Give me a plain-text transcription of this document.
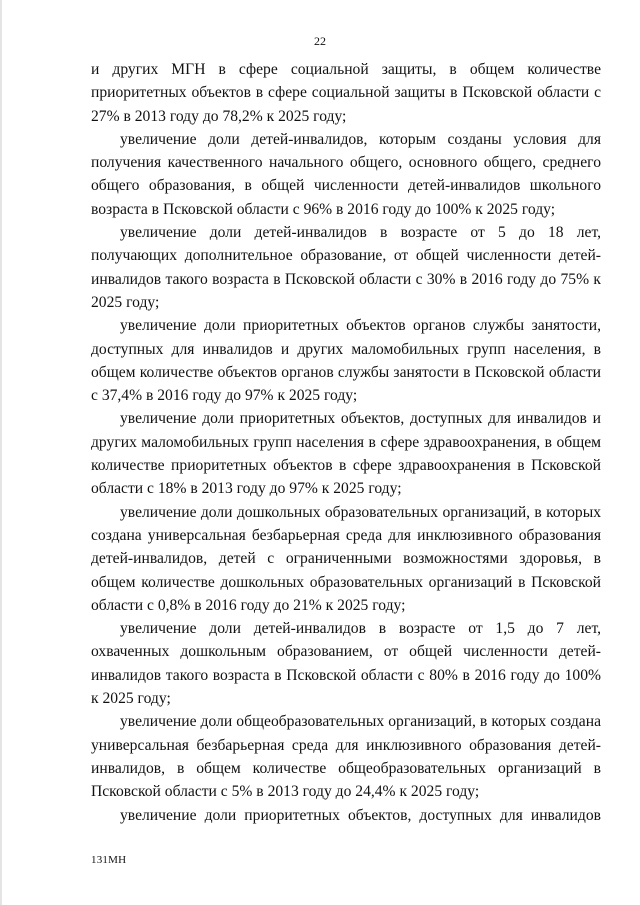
22

и других МГН в сфере социальной защиты, в общем количестве приоритетных объектов в сфере социальной защиты в Псковской области с 27% в 2013 году до 78,2% к 2025 году;

увеличение доли детей-инвалидов, которым созданы условия для получения качественного начального общего, основного общего, среднего общего образования, в общей численности детей-инвалидов школьного возраста в Псковской области с 96% в 2016 году до 100% к 2025 году;

увеличение доли детей-инвалидов в возрасте от 5 до 18 лет, получающих дополнительное образование, от общей численности детей-инвалидов такого возраста в Псковской области с 30% в 2016 году до 75% к 2025 году;

увеличение доли приоритетных объектов органов службы занятости, доступных для инвалидов и других маломобильных групп населения, в общем количестве объектов органов службы занятости в Псковской области с 37,4% в 2016 году до 97% к 2025 году;

увеличение доли приоритетных объектов, доступных для инвалидов и других маломобильных групп населения в сфере здравоохранения, в общем количестве приоритетных объектов в сфере здравоохранения в Псковской области с 18% в 2013 году до 97% к 2025 году;

увеличение доли дошкольных образовательных организаций, в которых создана универсальная безбарьерная среда для инклюзивного образования детей-инвалидов, детей с ограниченными возможностями здоровья, в общем количестве дошкольных образовательных организаций в Псковской области с 0,8% в 2016 году до 21% к 2025 году;

увеличение доли детей-инвалидов в возрасте от 1,5 до 7 лет, охваченных дошкольным образованием, от общей численности детей-инвалидов такого возраста в Псковской области с 80% в 2016 году до 100% к 2025 году;

увеличение доли общеобразовательных организаций, в которых создана универсальная безбарьерная среда для инклюзивного образования детей-инвалидов, в общем количестве общеобразовательных организаций в Псковской области с 5% в 2013 году до 24,4% к 2025 году;

увеличение доли приоритетных объектов, доступных для инвалидов

131МН
